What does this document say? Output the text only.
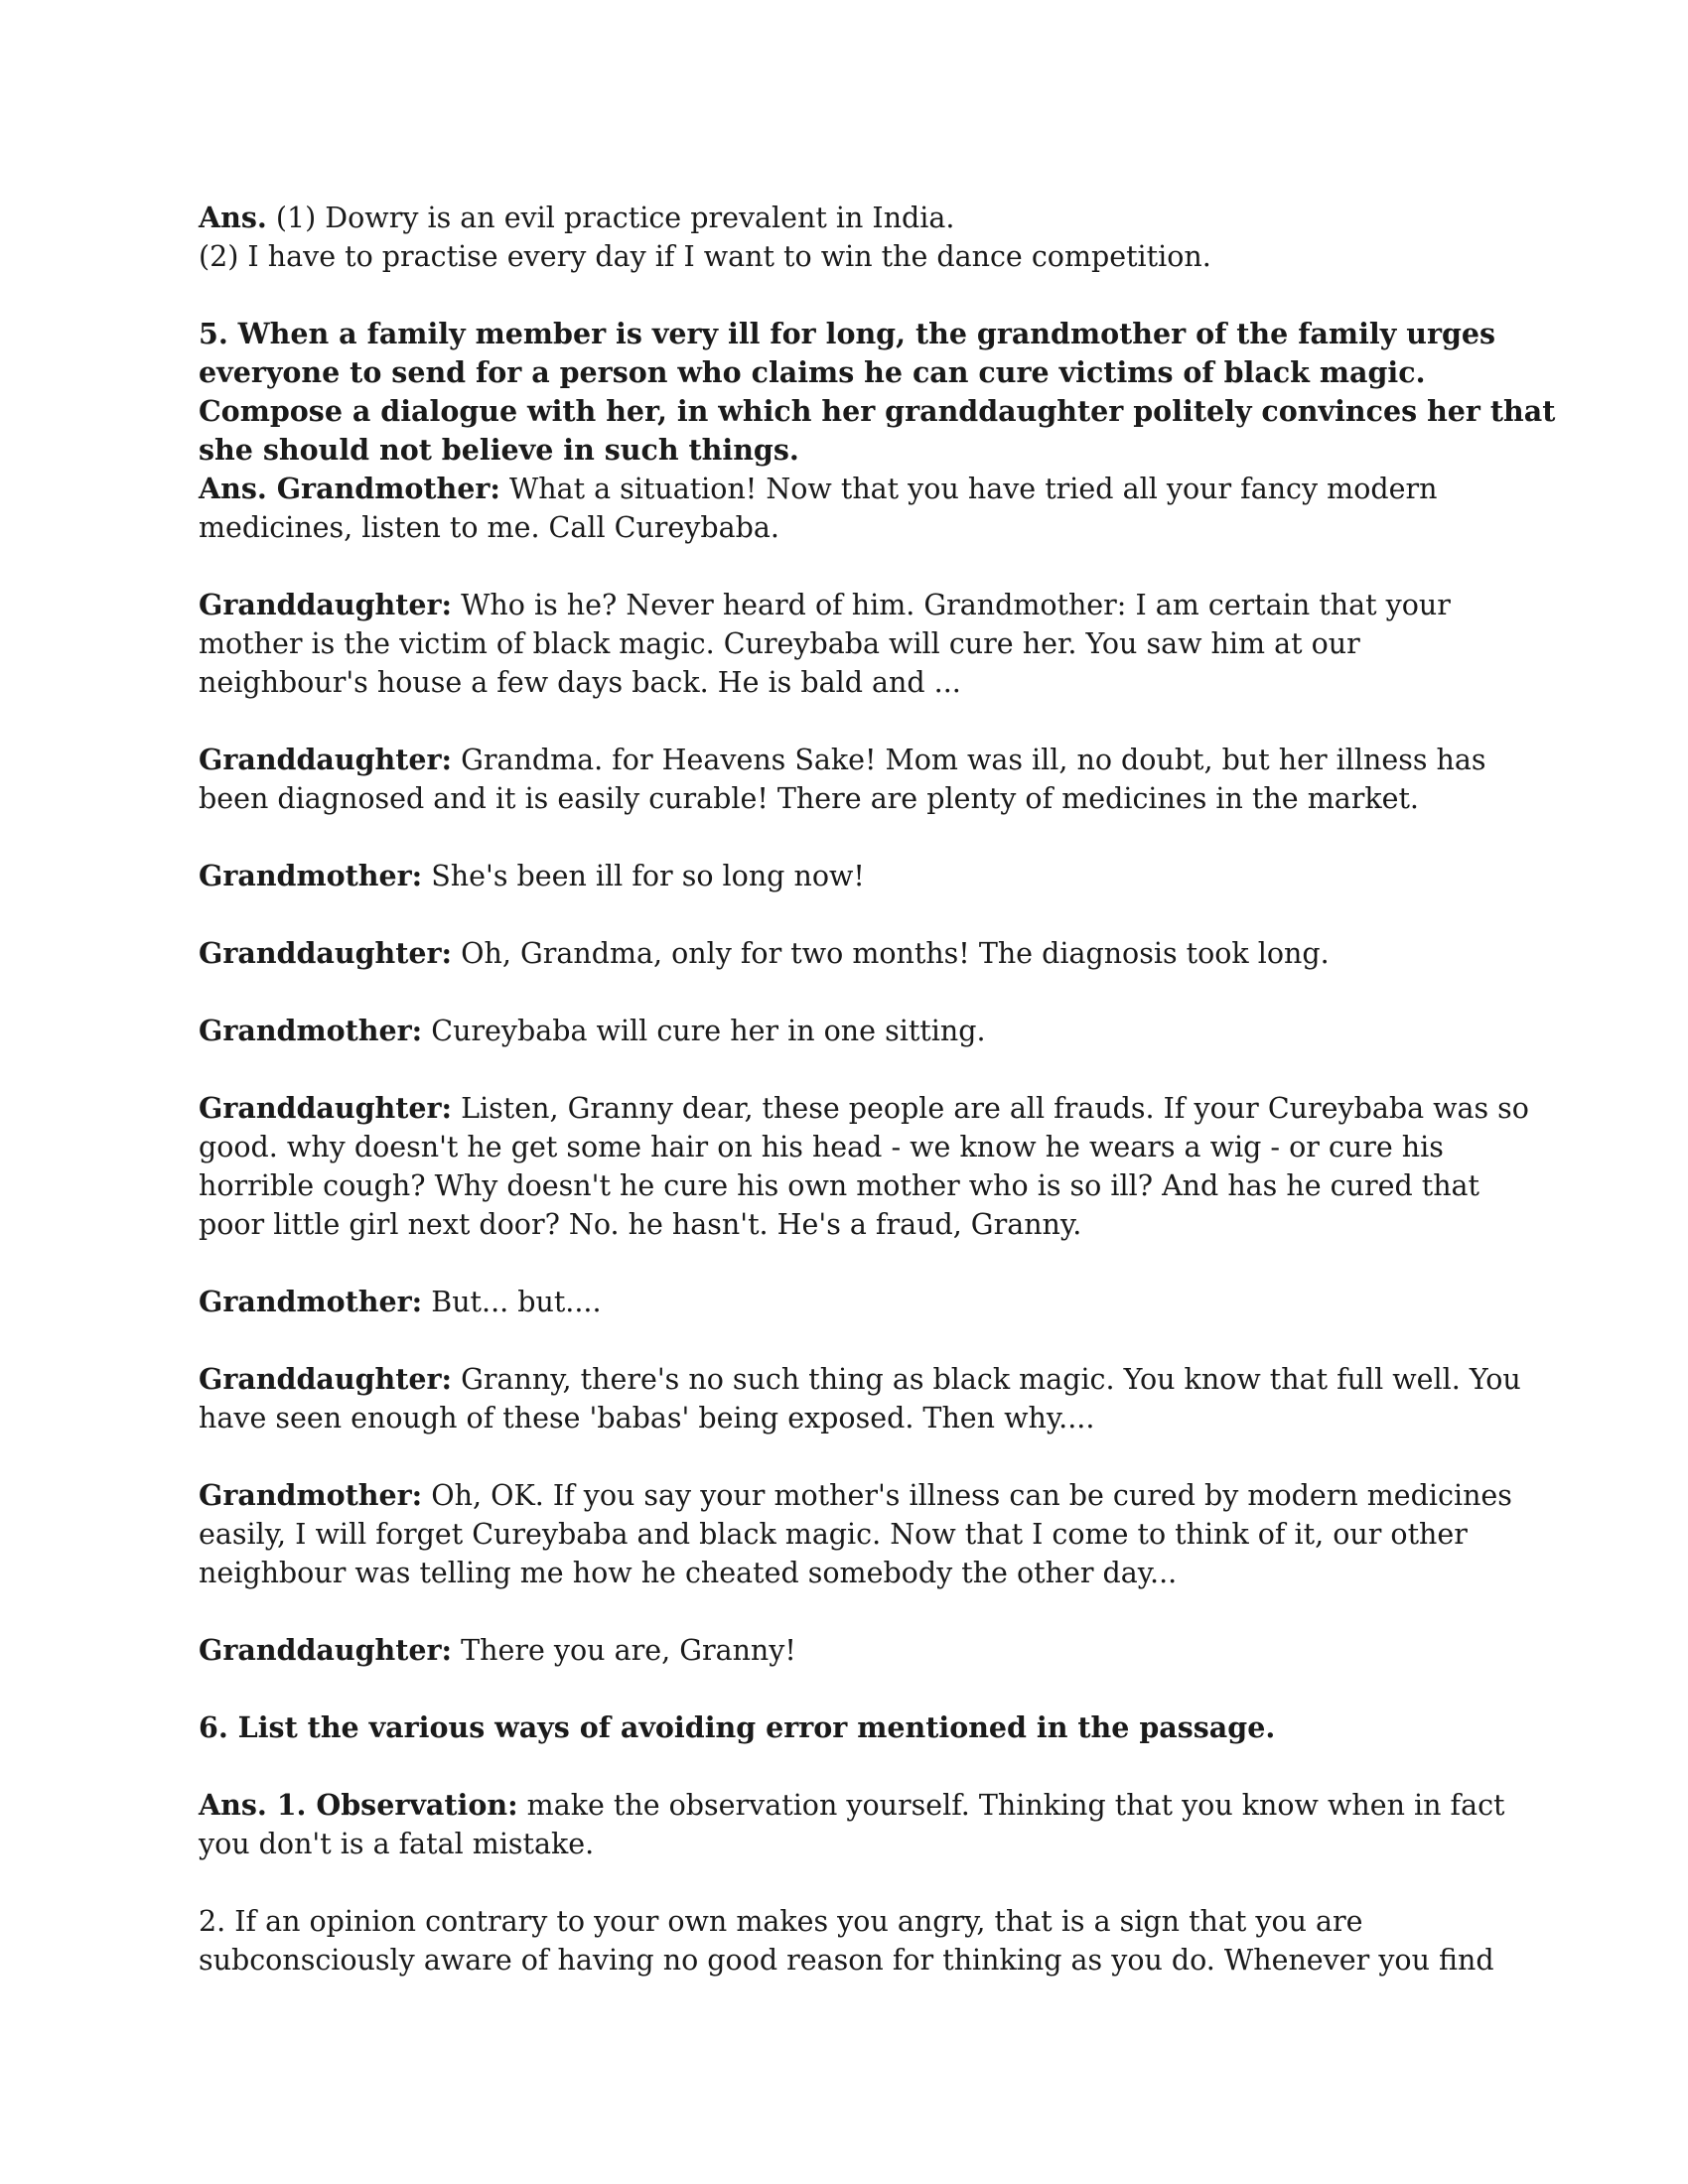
Ans. (1) Dowry is an evil practice prevalent in India.
(2) I have to practise every day if I want to win the dance competition.
5. When a family member is very ill for long, the grandmother of the family urges
everyone to send for a person who claims he can cure victims of black magic.
Compose a dialogue with her, in which her granddaughter politely convinces her that
she should not believe in such things.
Ans. Grandmother: What a situation! Now that you have tried all your fancy modern
medicines, listen to me. Call Cureybaba.
Granddaughter: Who is he? Never heard of him. Grandmother: I am certain that your
mother is the victim of black magic. Cureybaba will cure her. You saw him at our
neighbour's house a few days back. He is bald and ...
Granddaughter: Grandma. for Heavens Sake! Mom was ill, no doubt, but her illness has
been diagnosed and it is easily curable! There are plenty of medicines in the market.
Grandmother: She's been ill for so long now!
Granddaughter: Oh, Grandma, only for two months! The diagnosis took long.
Grandmother: Cureybaba will cure her in one sitting.
Granddaughter: Listen, Granny dear, these people are all frauds. If your Cureybaba was so
good. why doesn't he get some hair on his head - we know he wears a wig - or cure his
horrible cough? Why doesn't he cure his own mother who is so ill? And has he cured that
poor little girl next door? No. he hasn't. He's a fraud, Granny.
Grandmother: But... but....
Granddaughter: Granny, there's no such thing as black magic. You know that full well. You
have seen enough of these 'babas' being exposed. Then why....
Grandmother: Oh, OK. If you say your mother's illness can be cured by modern medicines
easily, I will forget Cureybaba and black magic. Now that I come to think of it, our other
neighbour was telling me how he cheated somebody the other day...
Granddaughter: There you are, Granny!
6. List the various ways of avoiding error mentioned in the passage.
Ans. 1. Observation: make the observation yourself. Thinking that you know when in fact
you don't is a fatal mistake.
2. If an opinion contrary to your own makes you angry, that is a sign that you are
subconsciously aware of having no good reason for thinking as you do. Whenever you find
